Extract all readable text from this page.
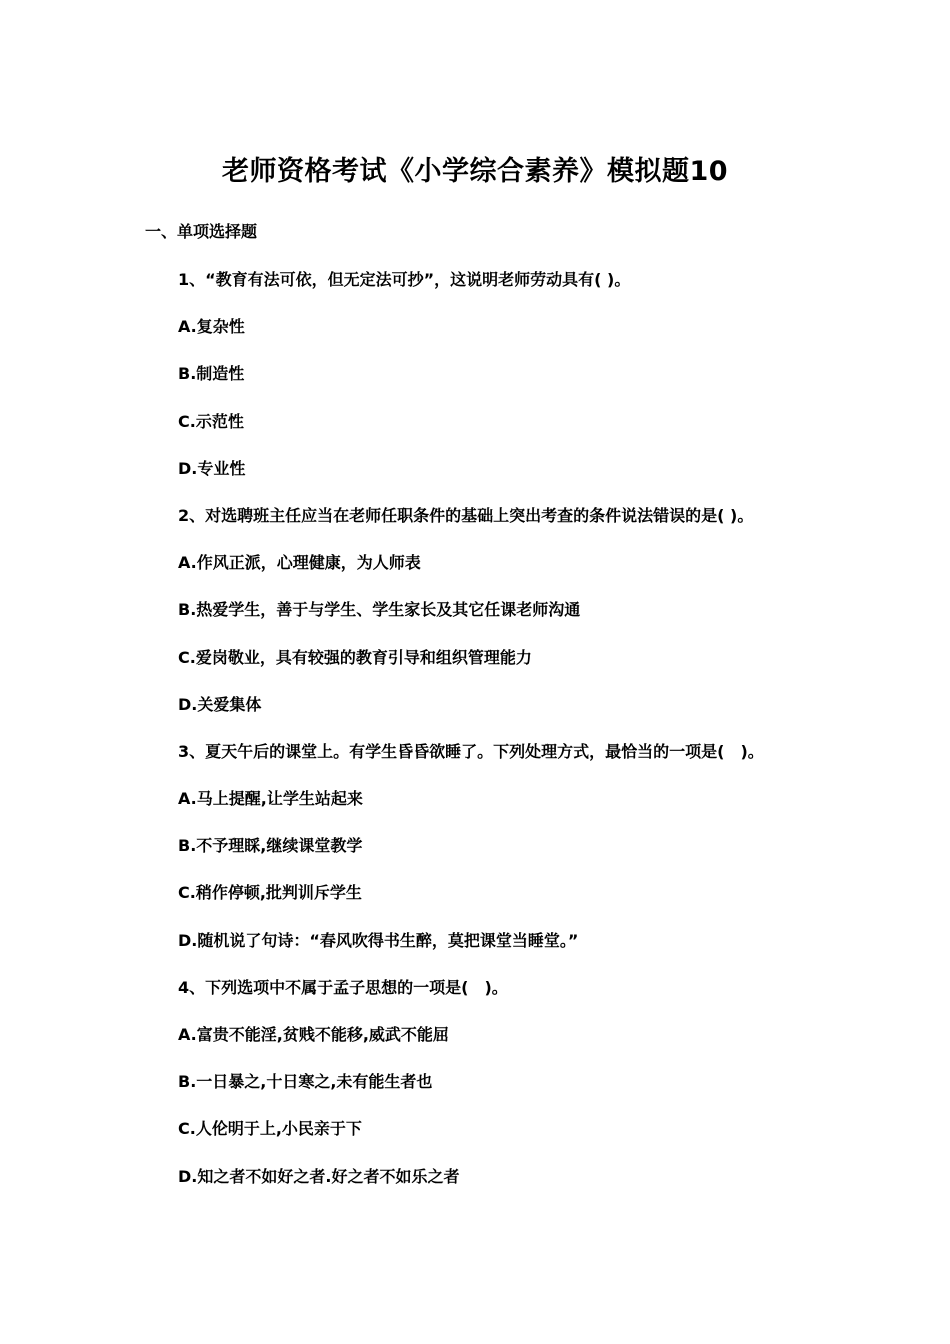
老师资格考试《小学综合素养》模拟题10
一、单项选择题
1、“教育有法可依，但无定法可抄”，这说明老师劳动具有( )。
A.复杂性
B.制造性
C.示范性
D.专业性
2、对选聘班主任应当在老师任职条件的基础上突出考查的条件说法错误的是( )。
A.作风正派，心理健康，为人师表
B.热爱学生，善于与学生、学生家长及其它任课老师沟通
C.爱岗敬业，具有较强的教育引导和组织管理能力
D.关爱集体
3、夏天午后的课堂上。有学生昏昏欲睡了。下列处理方式，最恰当的一项是(　)。
A.马上提醒,让学生站起来
B.不予理睬,继续课堂教学
C.稍作停顿,批判训斥学生
D.随机说了句诗：“春风吹得书生醉，莫把课堂当睡堂。”
4、下列选项中不属于孟子思想的一项是(　)。
A.富贵不能淫,贫贱不能移,威武不能屈
B.一日暴之,十日寒之,未有能生者也
C.人伦明于上,小民亲于下
D.知之者不如好之者.好之者不如乐之者
